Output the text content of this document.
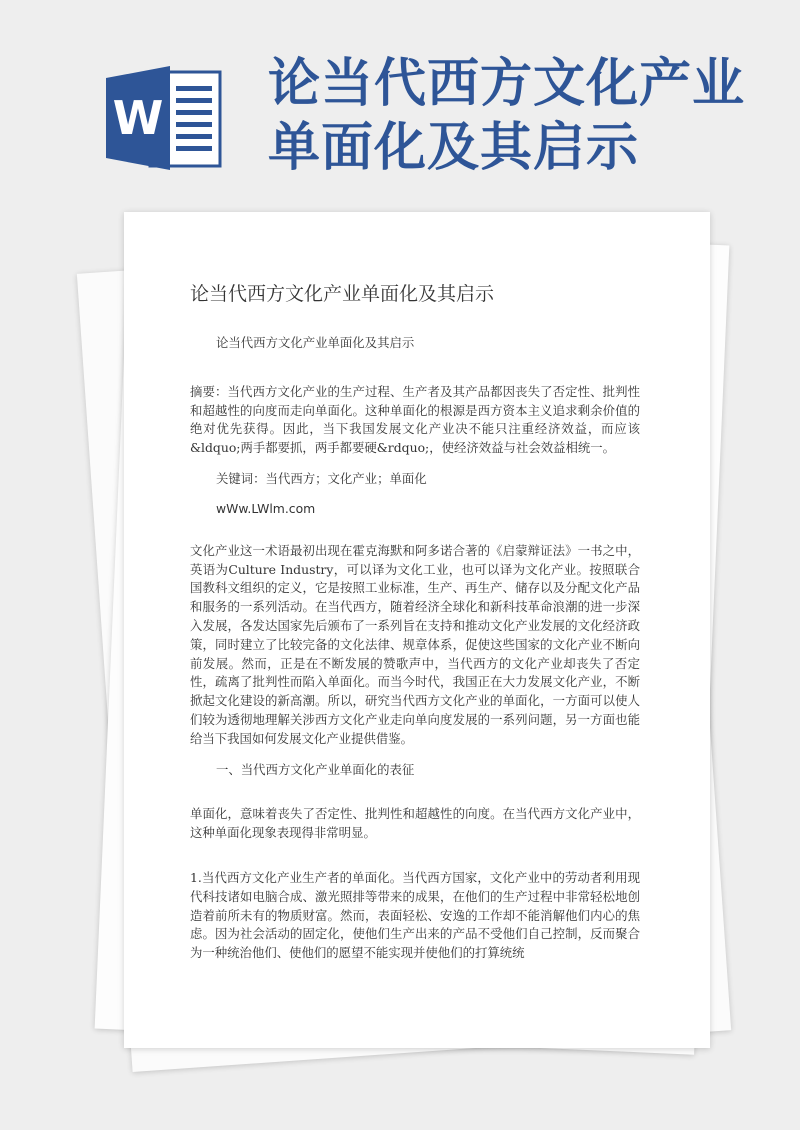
论当代西方文化产业单面化及其启示
W
论当代西方文化产业单面化及其启示

论当代西方文化产业单面化及其启示

摘要：当代西方文化产业的生产过程、生产者及其产品都因丧失了否定性、批判性和超越性的向度而走向单面化。这种单面化的根源是西方资本主义追求剩余价值的绝对优先获得。因此，当下我国发展文化产业决不能只注重经济效益，而应该&ldquo;两手都要抓，两手都要硬&rdquo;，使经济效益与社会效益相统一。

关键词：当代西方；文化产业；单面化

wWw.LWlm.com

文化产业这一术语最初出现在霍克海默和阿多诺合著的《启蒙辩证法》一书之中，英语为Culture Industry，可以译为文化工业，也可以译为文化产业。按照联合国教科文组织的定义，它是按照工业标准，生产、再生产、储存以及分配文化产品和服务的一系列活动。在当代西方，随着经济全球化和新科技革命浪潮的进一步深入发展，各发达国家先后颁布了一系列旨在支持和推动文化产业发展的文化经济政策，同时建立了比较完备的文化法律、规章体系，促使这些国家的文化产业不断向前发展。然而，正是在不断发展的赞歌声中，当代西方的文化产业却丧失了否定性，疏离了批判性而陷入单面化。而当今时代，我国正在大力发展文化产业，不断掀起文化建设的新高潮。所以，研究当代西方文化产业的单面化，一方面可以使人们较为透彻地理解关涉西方文化产业走向单向度发展的一系列问题，另一方面也能给当下我国如何发展文化产业提供借鉴。

一、当代西方文化产业单面化的表征

单面化，意味着丧失了否定性、批判性和超越性的向度。在当代西方文化产业中，这种单面化现象表现得非常明显。

1.当代西方文化产业生产者的单面化。当代西方国家，文化产业中的劳动者利用现代科技诸如电脑合成、激光照排等带来的成果，在他们的生产过程中非常轻松地创造着前所未有的物质财富。然而，表面轻松、安逸的工作却不能消解他们内心的焦虑。因为社会活动的固定化，使他们生产出来的产品不受他们自己控制，反而聚合为一种统治他们、使他们的愿望不能实现并使他们的打算统统
